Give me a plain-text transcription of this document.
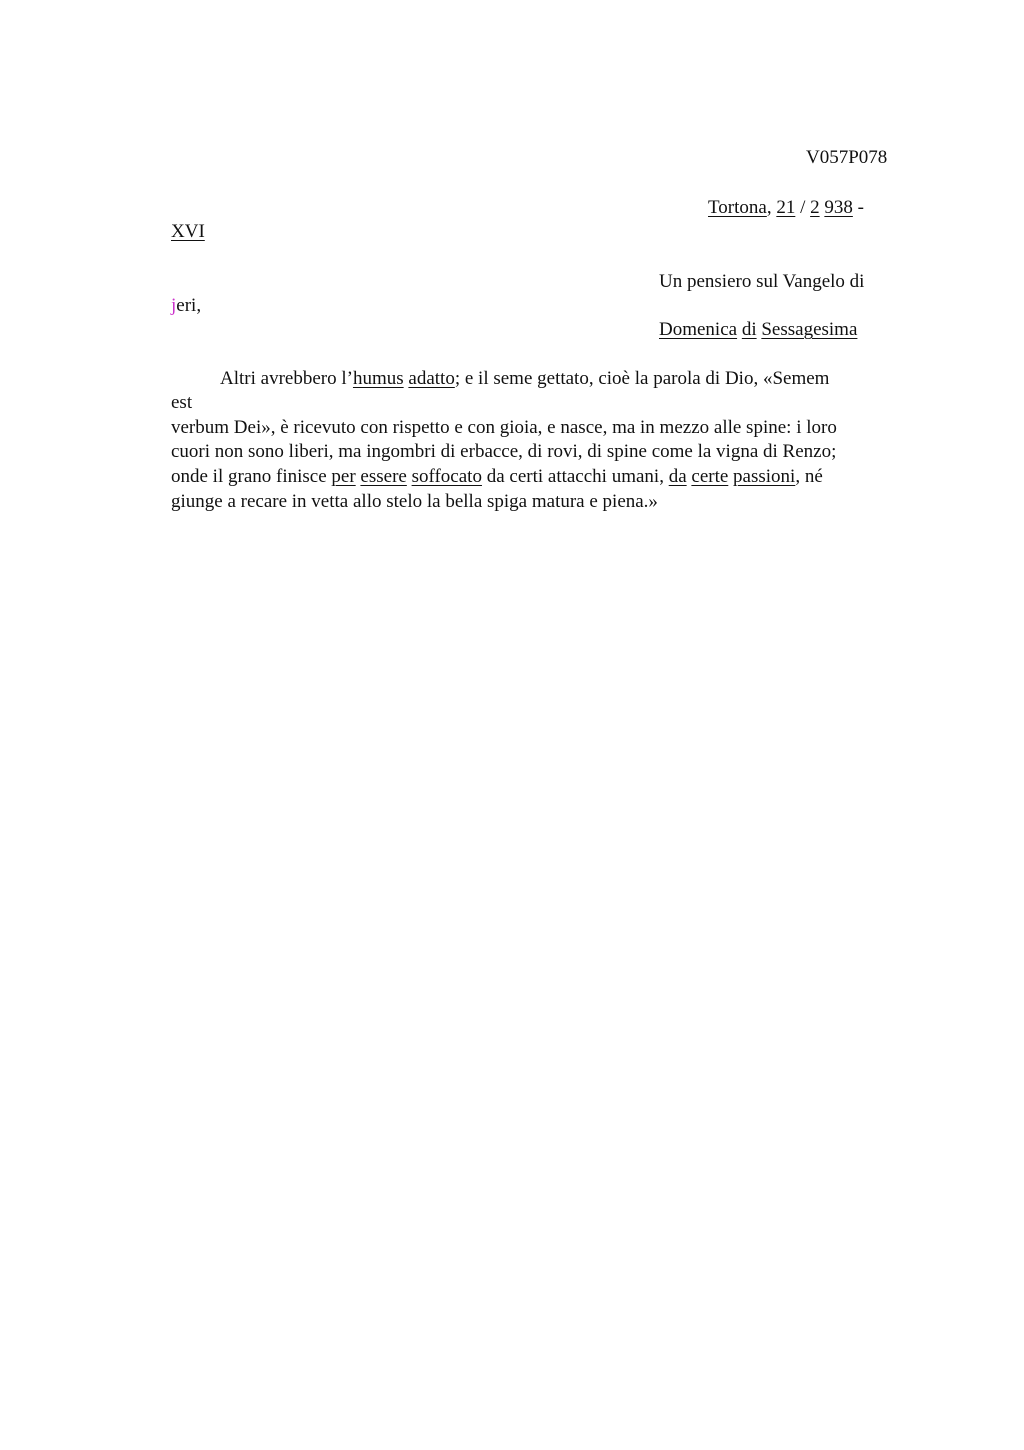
V057P078
Tortona, 21 / 2 938 -
XVI
Un pensiero sul Vangelo di
jeri,
Domenica di Sessagesima
Altri avrebbero l’humus adatto; e il seme gettato, cioè la parola di Dio, «Semem
est
verbum Dei», è ricevuto con rispetto e con gioia, e nasce, ma in mezzo alle spine: i loro
cuori non sono liberi, ma ingombri di erbacce, di rovi, di spine come la vigna di Renzo;
onde il grano finisce per essere soffocato da certi attacchi umani, da certe passioni, né
giunge a recare in vetta allo stelo la bella spiga matura e piena.»
